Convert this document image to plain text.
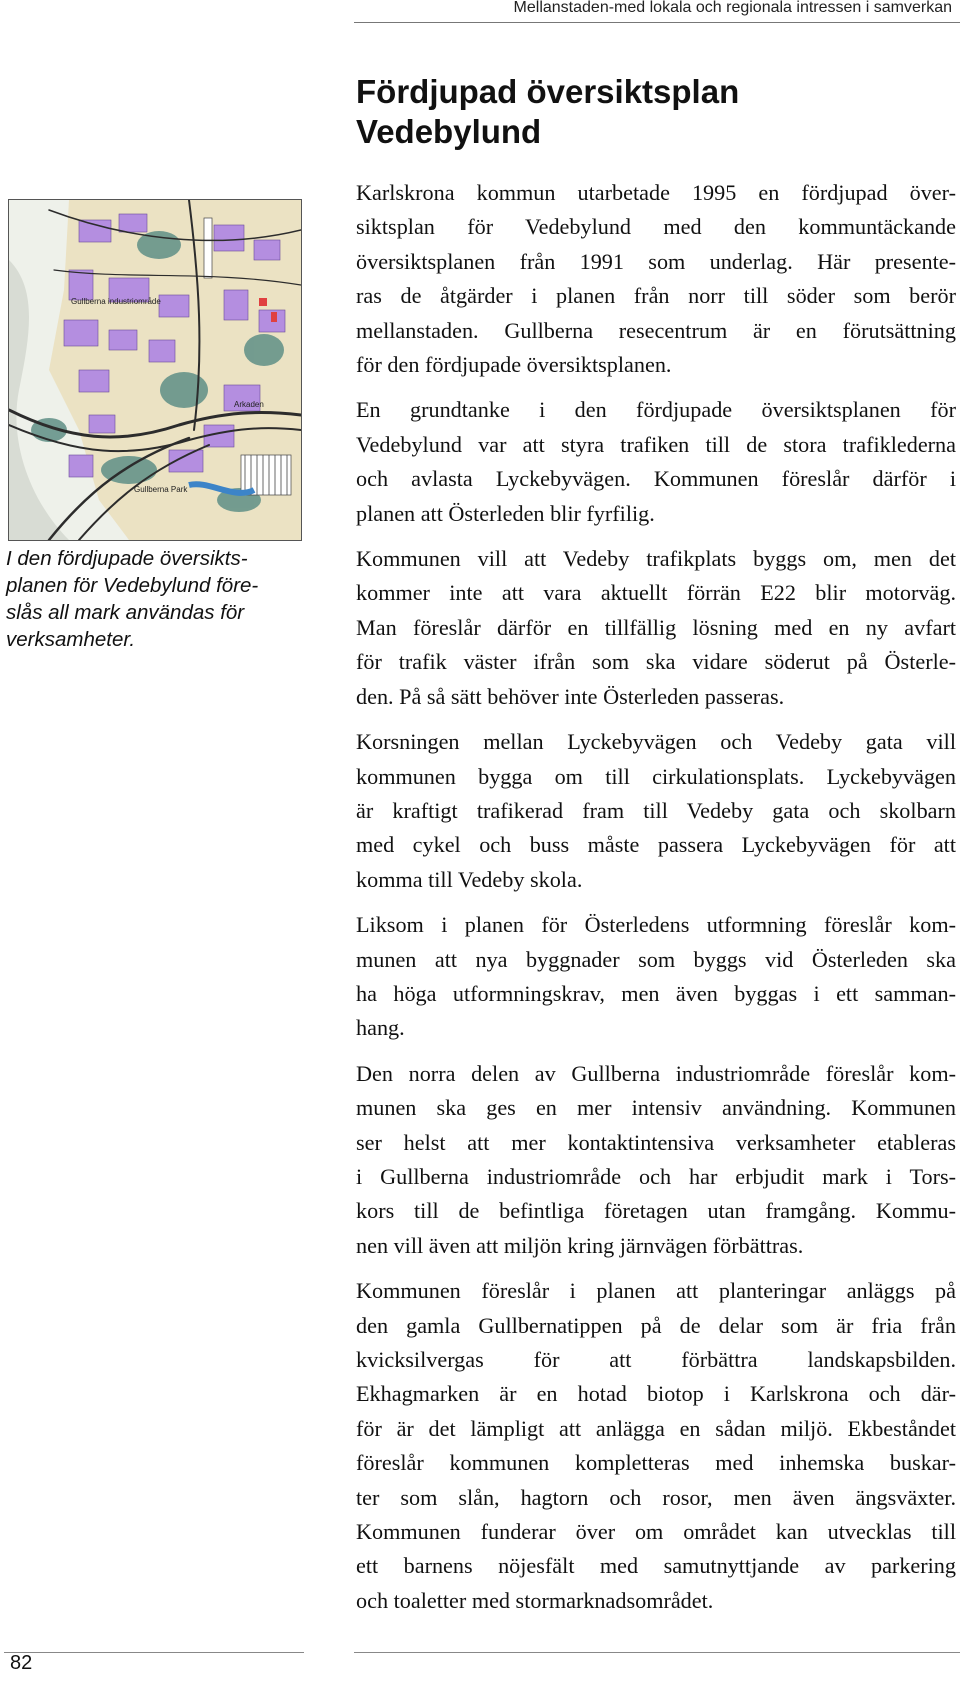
Mellanstaden-med lokala och regionala intressen i samverkan
Fördjupad översiktsplan
Vedebylund
Gullberna industriområde
Arkaden
Gullberna Park
I den fördjupade översikts-
planen för Vedebylund före-
slås all mark användas för
verksamheter.

Karlskrona kommun utarbetade 1995 en fördjupad över-
siktsplan för Vedebylund med den kommuntäckande
översiktsplanen från 1991 som underlag. Här presente-
ras de åtgärder i planen från norr till söder som berör
mellanstaden. Gullberna resecentrum är en förutsättning
för den fördjupade översiktsplanen.

En grundtanke i den fördjupade översiktsplanen för
Vedebylund var att styra trafiken till de stora trafiklederna
och avlasta Lyckebyvägen. Kommunen föreslår därför i
planen att Österleden blir fyrfilig.

Kommunen vill att Vedeby trafikplats byggs om, men det
kommer inte att vara aktuellt förrän E22 blir motorväg.
Man föreslår därför en tillfällig lösning med en ny avfart
för trafik väster ifrån som ska vidare söderut på Österle-
den. På så sätt behöver inte Österleden passeras.

Korsningen mellan Lyckebyvägen och Vedeby gata vill
kommunen bygga om till cirkulationsplats. Lyckebyvägen
är kraftigt trafikerad fram till Vedeby gata och skolbarn
med cykel och buss måste passera Lyckebyvägen för att
komma till Vedeby skola.

Liksom i planen för Österledens utformning föreslår kom-
munen att nya byggnader som byggs vid Österleden ska
ha höga utformningskrav, men även byggas i ett samman-
hang.

Den norra delen av Gullberna industriområde föreslår kom-
munen ska ges en mer intensiv användning. Kommunen
ser helst att mer kontaktintensiva verksamheter etableras
i Gullberna industriområde och har erbjudit mark i Tors-
kors till de befintliga företagen utan framgång. Kommu-
nen vill även att miljön kring järnvägen förbättras.

Kommunen föreslår i planen att planteringar anläggs på
den gamla Gullbernatippen på de delar som är fria från
kvicksilvergas för att förbättra landskapsbilden.
Ekhagmarken är en hotad biotop i Karlskrona och där-
för är det lämpligt att anlägga en sådan miljö. Ekbeståndet
föreslår kommunen kompletteras med inhemska buskar-
ter som slån, hagtorn och rosor, men även ängsväxter.
Kommunen funderar över om området kan utvecklas till
ett barnens nöjesfält med samutnyttjande av parkering
och toaletter med stormarknadsområdet.

82
